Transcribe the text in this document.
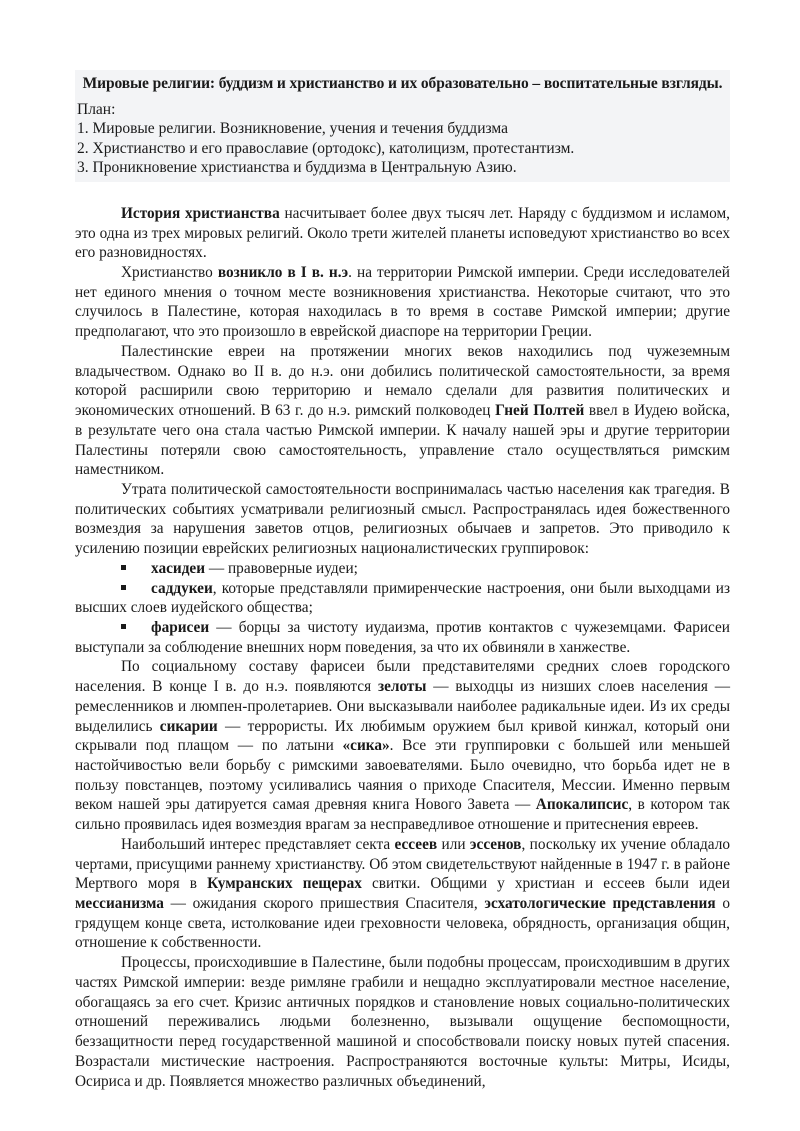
Мировые религии: буддизм и христианство и их образовательно – воспитательные взгляды.

План:

1. Мировые религии. Возникновение, учения и течения буддизма

2. Христианство и его православие (ортодокс), католицизм, протестантизм.

3. Проникновение христианства и буддизма в Центральную Азию.

История христианства насчитывает более двух тысяч лет. Наряду с буддизмом и исламом, это одна из трех мировых религий. Около трети жителей планеты исповедуют христианство во всех его разновидностях.

Христианство возникло в I в. н.э. на территории Римской империи. Среди исследователей нет единого мнения о точном месте возникновения христианства. Некоторые считают, что это случилось в Палестине, которая находилась в то время в составе Римской империи; другие предполагают, что это произошло в еврейской диаспоре на территории Греции.

Палестинские евреи на протяжении многих веков находились под чужеземным владычеством. Однако во II в. до н.э. они добились политической самостоятельности, за время которой расширили свою территорию и немало сделали для развития политических и экономических отношений. В 63 г. до н.э. римский полководец Гней Полтей ввел в Иудею войска, в результате чего она стала частью Римской империи. К началу нашей эры и другие территории Палестины потеряли свою самостоятельность, управление стало осуществляться римским наместником.

Утрата политической самостоятельности воспринималась частью населения как трагедия. В политических событиях усматривали религиозный смысл. Распространялась идея божественного возмездия за нарушения заветов отцов, религиозных обычаев и запретов. Это приводило к усилению позиции еврейских религиозных националистических группировок:

хасидеи — правоверные иудеи;

саддукеи, которые представляли примиренческие настроения, они были выходцами из высших слоев иудейского общества;

фарисеи — борцы за чистоту иудаизма, против контактов с чужеземцами. Фарисеи выступали за соблюдение внешних норм поведения, за что их обвиняли в ханжестве.

По социальному составу фарисеи были представителями средних слоев городского населения. В конце I в. до н.э. появляются зелоты — выходцы из низших слоев населения — ремесленников и люмпен-пролетариев. Они высказывали наиболее радикальные идеи. Из их среды выделились сикарии — террористы. Их любимым оружием был кривой кинжал, который они скрывали под плащом — по латыни «сика». Все эти группировки с большей или меньшей настойчивостью вели борьбу с римскими завоевателями. Было очевидно, что борьба идет не в пользу повстанцев, поэтому усиливались чаяния о приходе Спасителя, Мессии. Именно первым веком нашей эры датируется самая древняя книга Нового Завета — Апокалипсис, в котором так сильно проявилась идея возмездия врагам за несправедливое отношение и притеснения евреев.

Наибольший интерес представляет секта ессеев или эссенов, поскольку их учение обладало чертами, присущими раннему христианству. Об этом свидетельствуют найденные в 1947 г. в районе Мертвого моря в Кумранских пещерах свитки. Общими у христиан и ессеев были идеи мессианизма — ожидания скорого пришествия Спасителя, эсхатологические представления о грядущем конце света, истолкование идеи греховности человека, обрядность, организация общин, отношение к собственности.

Процессы, происходившие в Палестине, были подобны процессам, происходившим в других частях Римской империи: везде римляне грабили и нещадно эксплуатировали местное население, обогащаясь за его счет. Кризис античных порядков и становление новых социально-политических отношений переживались людьми болезненно, вызывали ощущение беспомощности, беззащитности перед государственной машиной и способствовали поиску новых путей спасения. Возрастали мистические настроения. Распространяются восточные культы: Митры, Исиды, Осириса и др. Появляется множество различных объединений,
